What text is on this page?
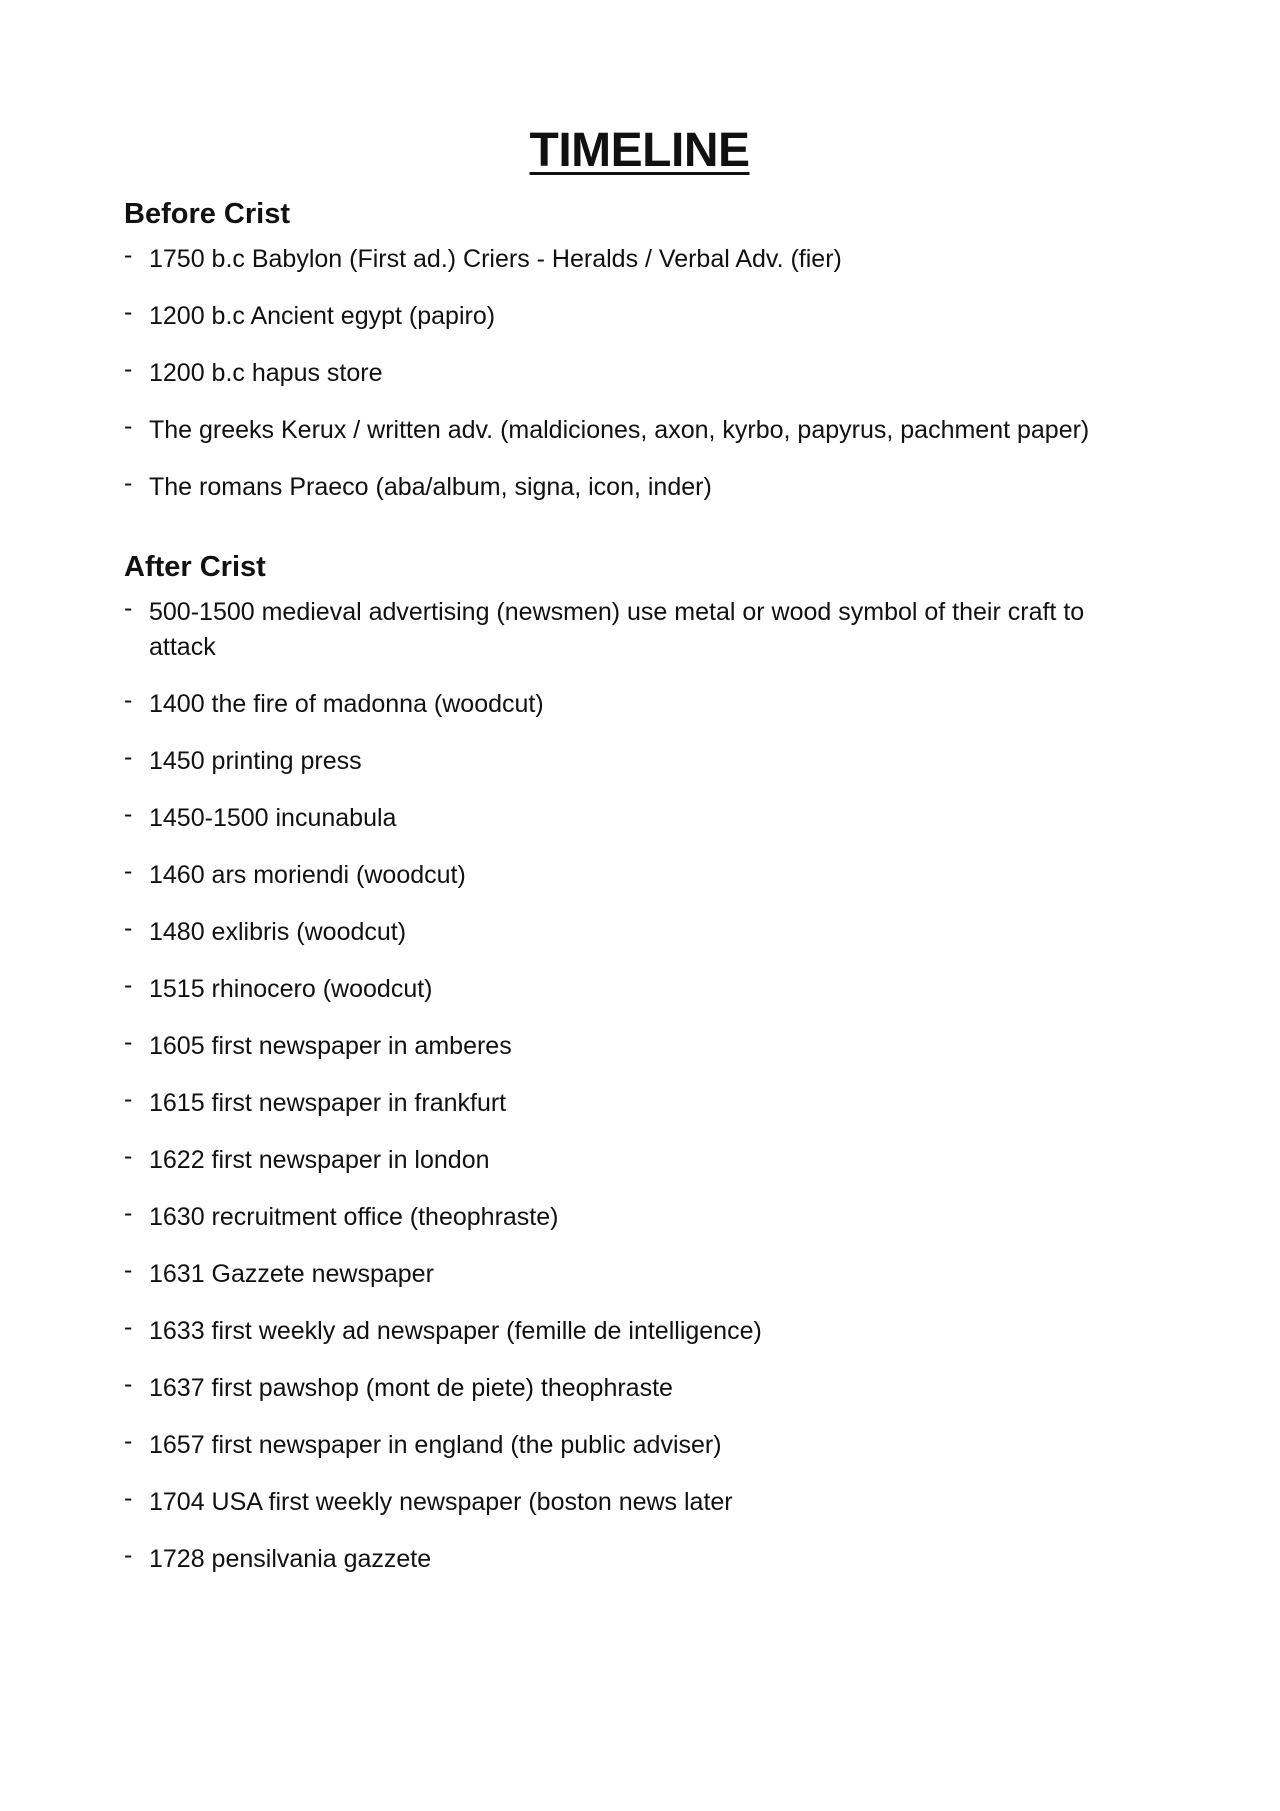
TIMELINE
Before Crist
- 1750 b.c Babylon (First ad.) Criers - Heralds / Verbal Adv. (fier)
- 1200 b.c Ancient egypt (papiro)
- 1200 b.c hapus store
- The greeks Kerux / written adv. (maldiciones, axon, kyrbo, papyrus, pachment paper)
- The romans Praeco (aba/album, signa, icon, inder)
After Crist
- 500-1500 medieval advertising (newsmen) use metal or wood symbol of their craft to attack
- 1400 the fire of madonna (woodcut)
- 1450 printing press
- 1450-1500 incunabula
- 1460 ars moriendi (woodcut)
- 1480 exlibris (woodcut)
- 1515 rhinocero (woodcut)
- 1605 first newspaper in amberes
- 1615 first newspaper in frankfurt
- 1622 first newspaper in london
- 1630 recruitment office (theophraste)
- 1631 Gazzete newspaper
- 1633 first weekly ad newspaper (femille de intelligence)
- 1637 first pawshop (mont de piete) theophraste
- 1657 first newspaper in england (the public adviser)
- 1704 USA first weekly newspaper (boston news later
- 1728 pensilvania gazzete
